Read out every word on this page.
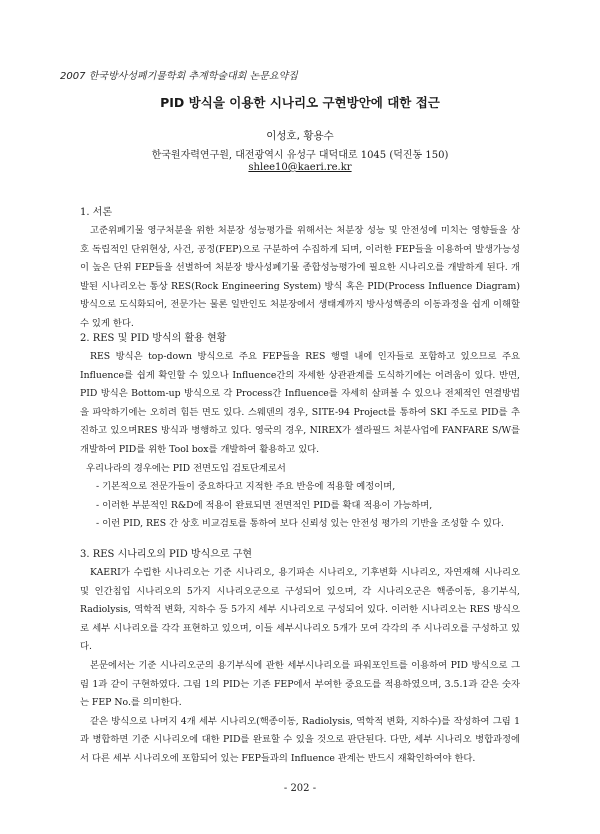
2007 한국방사성폐기물학회 추계학술대회 논문요약집
PID 방식을 이용한 시나리오 구현방안에 대한 접근
이성호, 황용수
한국원자력연구원, 대전광역시 유성구 대덕대로 1045 (덕진동 150)
shlee10@kaeri.re.kr
1. 서론

고준위폐기물 영구처분을 위한 처분장 성능평가를 위해서는 처분장 성능 및 안전성에 미치는 영향들을 상호 독립적인 단위현상, 사건, 공정(FEP)으로 구분하여 수집하게 되며, 이러한 FEP들을 이용하여 발생가능성이 높은 단위 FEP들을 선별하여 처분장 방사성폐기물 종합성능평가에 필요한 시나리오를 개발하게 된다. 개발된 시나리오는 통상 RES(Rock Engineering System) 방식 혹은 PID(Process Influence Diagram) 방식으로 도식화되어, 전문가는 물론 일반인도 처분장에서 생태계까지 방사성핵종의 이동과정을 쉽게 이해할 수 있게 한다.

2. RES 및 PID 방식의 활용 현황

RES 방식은 top-down 방식으로 주요 FEP들을 RES 행렬 내에 인자들로 포함하고 있으므로 주요 Influence를 쉽게 확인할 수 있으나 Influence간의 자세한 상관관계를 도식하기에는 어려움이 있다. 반면, PID 방식은 Bottom-up 방식으로 각 Process간 Influence를 자세히 살펴볼 수 있으나 전체적인 연결방법을 파악하기에는 오히려 힘든 면도 있다. 스웨덴의 경우, SITE-94 Project를 통하여 SKI 주도로 PID를 추진하고 있으며RES 방식과 병행하고 있다. 영국의 경우, NIREX가 셀라필드 처분사업에 FANFARE S/W를 개발하여 PID를 위한 Tool box를 개발하여 활용하고 있다.

우리나라의 경우에는 PID 전면도입 검토단계로서

- 기본적으로 전문가들이 중요하다고 지적한 주요 반응에 적용할 예정이며,
- 이러한 부분적인 R&D에 적용이 완료되면 전면적인 PID를 확대 적용이 가능하며,
- 이런 PID, RES 간 상호 비교검토를 통하여 보다 신뢰성 있는 안전성 평가의 기반을 조성할 수 있다.
3. RES 시나리오의 PID 방식으로 구현

KAERI가 수립한 시나리오는 기준 시나리오, 용기파손 시나리오, 기후변화 시나리오, 자연재해 시나리오 및 인간침입 시나리오의 5가지 시나리오군으로 구성되어 있으며, 각 시나리오군은 핵종이동, 용기부식, Radiolysis, 역학적 변화, 지하수 등 5가지 세부 시나리오로 구성되어 있다. 이러한 시나리오는 RES 방식으로 세부 시나리오를 각각 표현하고 있으며, 이들 세부시나리오 5개가 모여 각각의 주 시나리오를 구성하고 있다.

본문에서는 기준 시나리오군의 용기부식에 관한 세부시나리오를 파워포인트를 이용하여 PID 방식으로 그림 1과 같이 구현하였다. 그림 1의 PID는 기존 FEP에서 부여한 중요도를 적용하였으며, 3.5.1과 같은 숫자는 FEP No.를 의미한다.

같은 방식으로 나머지 4개 세부 시나리오(핵종이동, Radiolysis, 역학적 변화, 지하수)를 작성하여 그림 1과 병합하면 기준 시나리오에 대한 PID를 완료할 수 있을 것으로 판단된다. 다만, 세부 시나리오 병합과정에서 다른 세부 시나리오에 포함되어 있는 FEP들과의 Influence 관계는 반드시 재확인하여야 한다.

- 202 -
